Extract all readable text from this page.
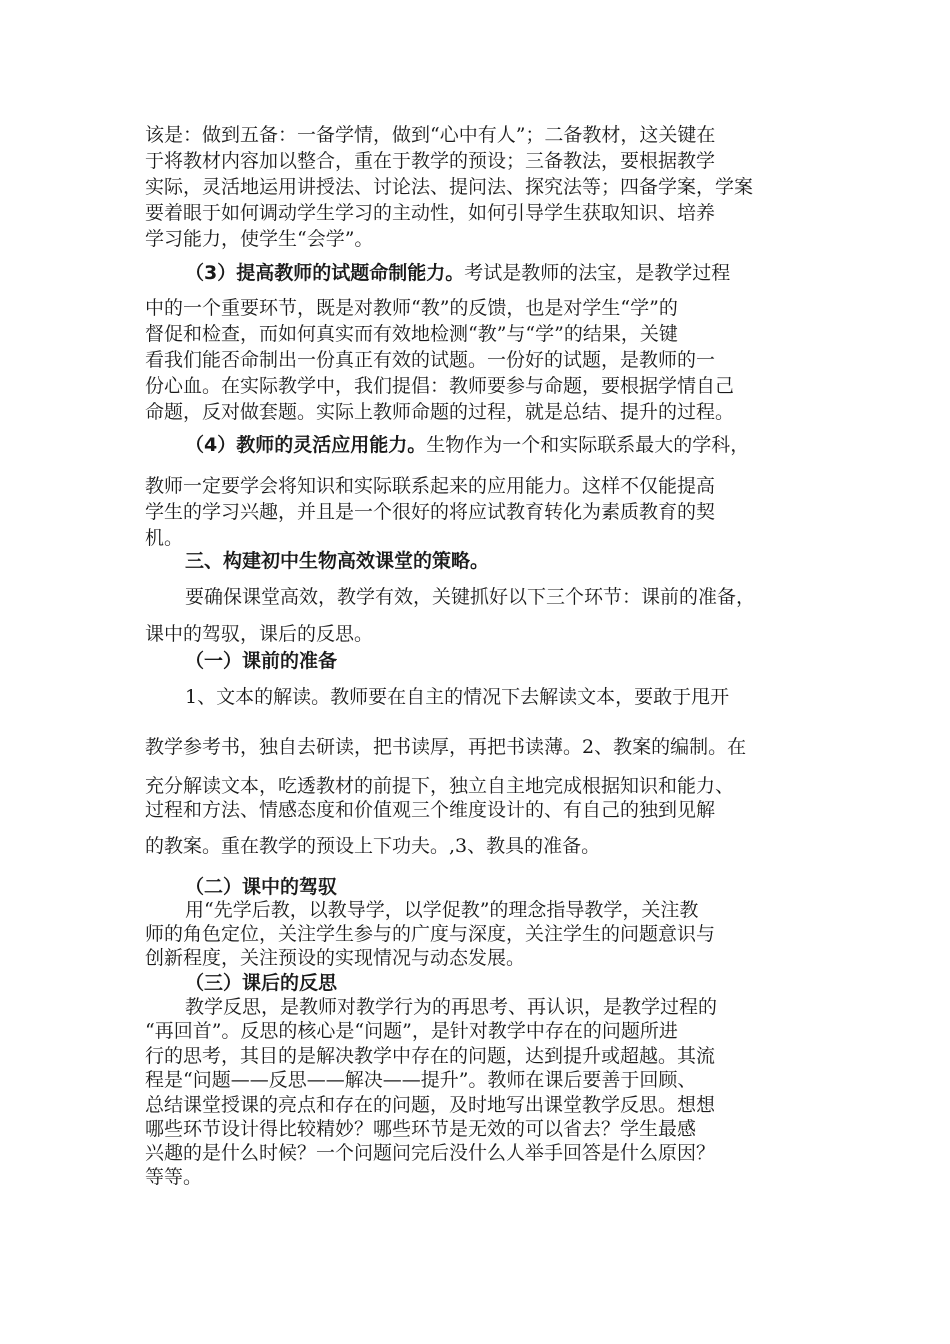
该是：做到五备：一备学情，做到“心中有人”；二备教材，这关键在

于将教材内容加以整合，重在于教学的预设；三备教法，要根据教学

实际，灵活地运用讲授法、讨论法、提问法、探究法等；四备学案，学案

要着眼于如何调动学生学习的主动性，如何引导学生获取知识、培养

学习能力，使学生“会学”。

（3）提高教师的试题命制能力。考试是教师的法宝，是教学过程

中的一个重要环节，既是对教师“教”的反馈，也是对学生“学”的

督促和检查，而如何真实而有效地检测“教”与“学”的结果，关键

看我们能否命制出一份真正有效的试题。一份好的试题，是教师的一

份心血。在实际教学中，我们提倡：教师要参与命题，要根据学情自己

命题，反对做套题。实际上教师命题的过程，就是总结、提升的过程。

（4）教师的灵活应用能力。生物作为一个和实际联系最大的学科，

教师一定要学会将知识和实际联系起来的应用能力。这样不仅能提高

学生的学习兴趣，并且是一个很好的将应试教育转化为素质教育的契

机。

三、构建初中生物高效课堂的策略。

要确保课堂高效，教学有效，关键抓好以下三个环节：课前的准备，

课中的驾驭，课后的反思。

（一）课前的准备

1、文本的解读。教师要在自主的情况下去解读文本，要敢于甩开

教学参考书，独自去研读，把书读厚，再把书读薄。2、教案的编制。在

充分解读文本，吃透教材的前提下，独立自主地完成根据知识和能力、

过程和方法、情感态度和价值观三个维度设计的、有自己的独到见解

的教案。重在教学的预设上下功夫。,3、教具的准备。

（二）课中的驾驭

用“先学后教，以教导学，以学促教”的理念指导教学，关注教

师的角色定位，关注学生参与的广度与深度，关注学生的问题意识与

创新程度，关注预设的实现情况与动态发展。

（三）课后的反思

教学反思，是教师对教学行为的再思考、再认识，是教学过程的

“再回首”。反思的核心是“问题”，是针对教学中存在的问题所进

行的思考，其目的是解决教学中存在的问题，达到提升或超越。其流

程是“问题——反思——解决——提升”。教师在课后要善于回顾、

总结课堂授课的亮点和存在的问题，及时地写出课堂教学反思。想想

哪些环节设计得比较精妙？哪些环节是无效的可以省去？学生最感

兴趣的是什么时候？一个问题问完后没什么人举手回答是什么原因？

等等。
